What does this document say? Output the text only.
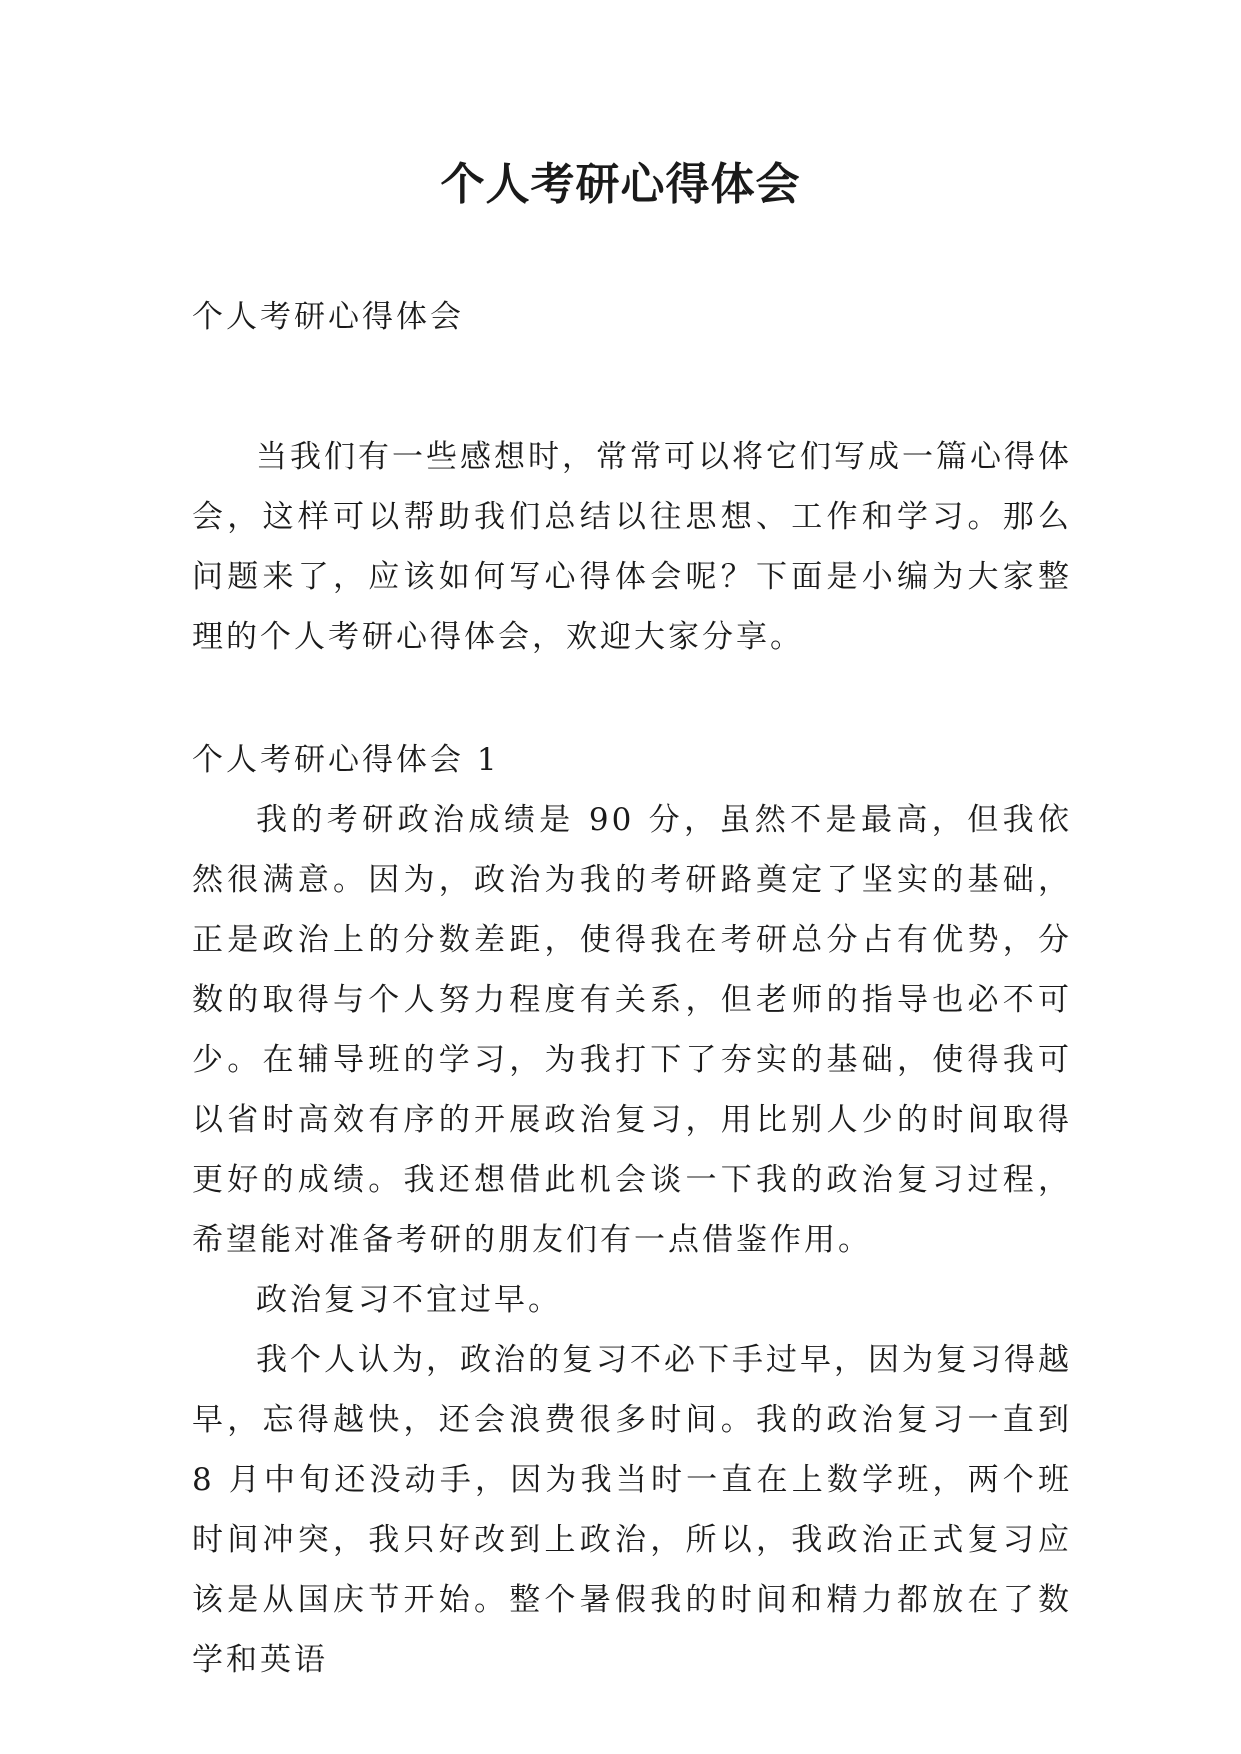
个人考研心得体会

个人考研心得体会

当我们有一些感想时，常常可以将它们写成一篇心得体会，这样可以帮助我们总结以往思想、工作和学习。那么问题来了，应该如何写心得体会呢？下面是小编为大家整理的个人考研心得体会，欢迎大家分享。

个人考研心得体会 1

我的考研政治成绩是 90 分，虽然不是最高，但我依然很满意。因为，政治为我的考研路奠定了坚实的基础，正是政治上的分数差距，使得我在考研总分占有优势，分数的取得与个人努力程度有关系，但老师的指导也必不可少。在辅导班的学习，为我打下了夯实的基础，使得我可以省时高效有序的开展政治复习，用比别人少的时间取得更好的成绩。我还想借此机会谈一下我的政治复习过程，希望能对准备考研的朋友们有一点借鉴作用。

政治复习不宜过早。

我个人认为，政治的复习不必下手过早，因为复习得越早，忘得越快，还会浪费很多时间。我的政治复习一直到 8 月中旬还没动手，因为我当时一直在上数学班，两个班时间冲突，我只好改到上政治，所以，我政治正式复习应该是从国庆节开始。整个暑假我的时间和精力都放在了数学和英语
